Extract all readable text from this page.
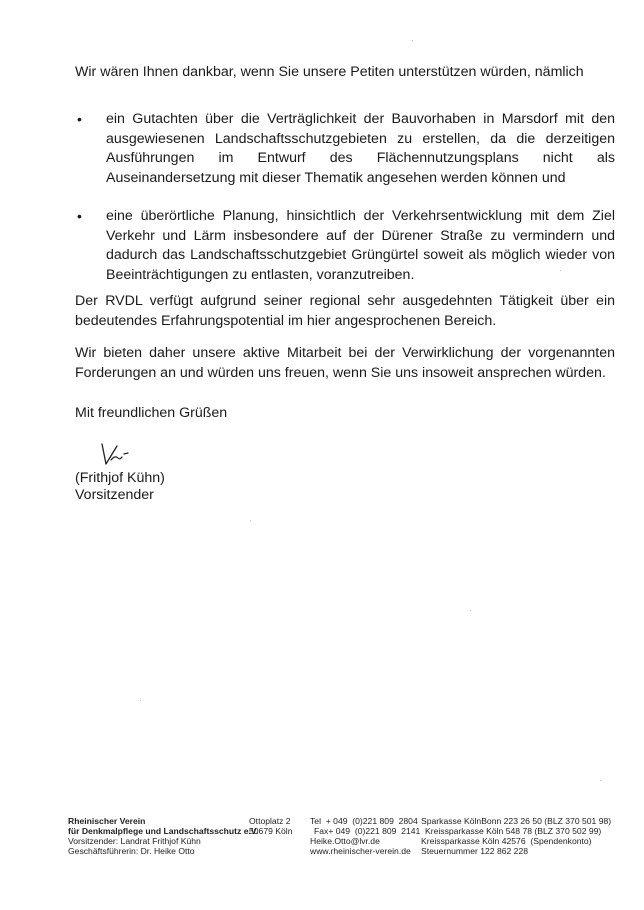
Wir wären Ihnen dankbar, wenn Sie unsere Petiten unterstützen würden, nämlich
• ein Gutachten über die Verträglichkeit der Bauvorhaben in Marsdorf mit den ausgewiesenen Landschaftsschutzgebieten zu erstellen, da die derzeitigen Ausführungen im Entwurf des Flächennutzungsplans nicht als Auseinandersetzung mit dieser Thematik angesehen werden können und
• eine überörtliche Planung, hinsichtlich der Verkehrsentwicklung mit dem Ziel Verkehr und Lärm insbesondere auf der Dürener Straße zu vermindern und dadurch das Landschaftsschutzgebiet Grüngürtel soweit als möglich wieder von Beeinträchtigungen zu entlasten, voranzutreiben.
Der RVDL verfügt aufgrund seiner regional sehr ausgedehnten Tätigkeit über ein bedeutendes Erfahrungspotential im hier angesprochenen Bereich.
Wir bieten daher unsere aktive Mitarbeit bei der Verwirklichung der vorgenannten Forderungen an und würden uns freuen, wenn Sie uns insoweit ansprechen würden.
Mit freundlichen Grüßen
(Frithjof Kühn)
Vorsitzender
Rheinischer Verein
für Denkmalpflege und Landschaftsschutz e.V.
Vorsitzender: Landrat Frithjof Kühn
Geschäftsführerin: Dr. Heike Otto
Ottoplatz 2
50679 Köln
Tel  + 049  (0)221 809  2804
Fax+ 049  (0)221 809  2141
Heike.Otto@lvr.de
www.rheinischer-verein.de
Sparkasse KölnBonn 223 26 50 (BLZ 370 501 98)
Kreissparkasse Köln 548 78 (BLZ 370 502 99)
Kreissparkasse Köln 42576  (Spendenkonto)
Steuernummer 122 862 228
